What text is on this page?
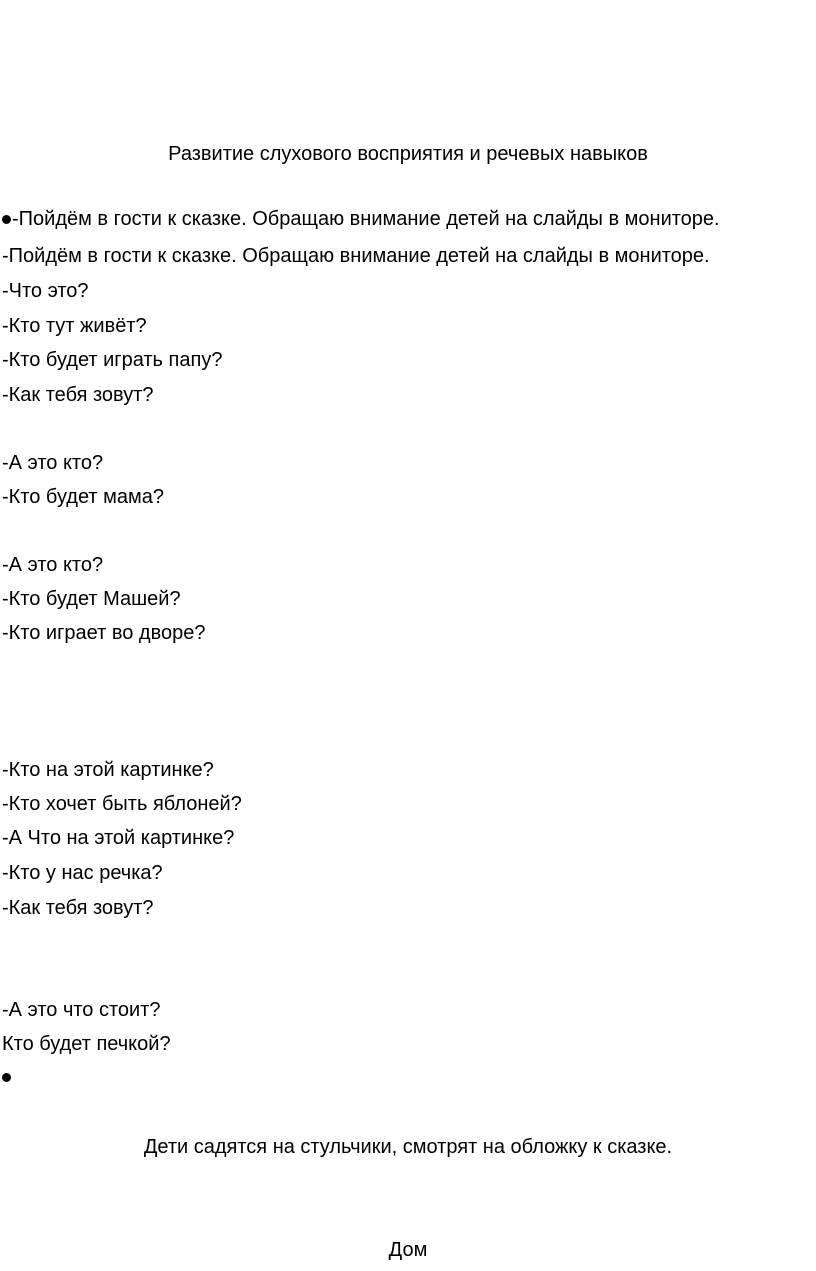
Развитие слухового восприятия и речевых навыков
-Пойдём в гости к сказке. Обращаю внимание детей на слайды в мониторе.
-Пойдём в гости к сказке. Обращаю внимание детей на слайды в мониторе.
-Что это?
-Кто тут живёт?
-Кто будет играть папу?
-Как тебя зовут?
-А это кто?
-Кто будет мама?
-А это кто?
-Кто будет Машей?
-Кто играет во дворе?
-Кто на этой картинке?
-Кто хочет быть яблоней?
-А Что на этой картинке?
-Кто у нас речка?
-Как тебя зовут?
-А это что стоит?
Кто будет печкой?
Дети садятся на стульчики, смотрят на обложку к сказке.
Дом
